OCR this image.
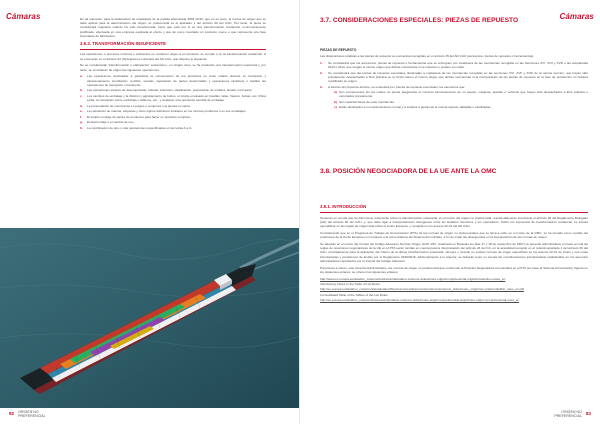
Cámaras	En tal supuesto, para la elaboración de estadística de la partida arancelaria 3002.19.90, que no es texto, la norma de origen que se debe aplicar para la determinación del origen no preferencial es el apartado 1 del artículo 60 del CAU. Por tanto, la pieza se considerará originaria cuando ha sido transformada, fuera que esta por si es una transformación sustancial, económicamente justificada, efectuada en una empresa equipada al efecto y que dé como resultado un producto nuevo o que represente una fase importante de fabricación.

3.6.3. TRANSFORMACIÓN INSUFICIENTE

Las operaciones o procesos mínimos o suficientes no confieren origen a un producto, se cumple o no la transformación sustancial, si se enumeran en el artículo 34 (Operaciones mínimas) del AD CAU, que dispone lo siguiente:

No se considerarán 'transformación o elaboración' sustancial o, en ningún caso, se ha producido una transformación sustancial y, por tanto, se consideran de origen las siguientes operaciones:

a. Las operaciones destinadas a garantizar la conservación de los productos en buen estado durante su transporte y almacenamiento (ventilación, tendido, secado, separación de partes deterioradas y operaciones similares) o facilitar las operaciones de transporte o transporte.
b. Las operaciones simples de desempolvado, cribado, selección, clasificación, preparación de surtidos, lavado o troceado.
c. Los cambios de embalaje y la división y agrupamiento de bultos, el simple envasado en botellas, latas, frascos, bolsas, etc. (Para evitar, la colocación sobre cartulinas o tableros, etc., y cualquier otra operación sencilla de embalaje.
d. La presentación de mercancías en juegos o conjuntos o la puesta en venta.
e. La colocación de marcas, etiquetas y otros signos distintivos similares en los mismos productos o en sus embalajes.
f. El simple montaje de partes de productos para hacer un producto completo.
g. El desmontaje o el cambio de uso.
h. La combinación de dos o más operaciones especificadas en las letras A a G.
82 ORIGEN NO
PREFERENCIAL
Cámaras
3.7. CONSIDERACIONES ESPECIALES: PIEZAS DE REPUESTO
PIEZAS DE REPUESTO

Las disposiciones relativas a las piezas de repuesto se encuentran recogidas en el artículo 35 del AD CAU (accesorios, piezas de repuesto o herramientas).

1. Se considerará que los accesorios, piezas de repuesto o herramientas que se entreguen con cualquiera de las mercancías recogidas en las Secciones XVI, XVII y XVIII o las subpartidas 9113 o 9113, que tengan el mismo origen que dichas mercancías si se importan y venden con ellas.
2. Se considerará que las piezas de repuesto esenciales destinadas a cualquiera de las mercancías recogidas en las secciones XVI, XVII y XVIII de la misma sección, que hayan sido previamente despachadas a libre práctica en la Unión tienen el mismo origen que dichas mercancías si la incorporación de las piezas de repuesto en la fase de producción no hubiera modificado su origen.
3. A efectos del presente artículo, se entenderá por 'piezas de repuesto esenciales' los elementos que:
a) Son componentes sin los cuales no puede asegurarse el correcto funcionamiento de un equipo, máquina, aparato o vehículo que hayan sido despachados a libre práctica o exportados previamente.
b) Son características de esas mercancías.
c) Están destinados a su mantenimiento normal y a sustituir a piezas de la misma especie dañadas o inutilizadas.
3.8. POSICIÓN NEGOCIADORA DE LA UE ANTE LA OMC
3.8.1. INTRODUCCIÓN

Teniendo en cuenta que la Unión tiene reticencias sobre la transformación sustancial, en el marco del origen no preferencial, resulta altamente importante el artículo 26 del Reglamento Delegado (AD) del artículo 60 del CAU, y, que debe ligar a interpretaciones divergentes entre los Estados miembros y los operadores. Sobre los supuestos de transformación sustancial, se intenta ejemplificar en las reglas de origen lista sobre la Unión Europea, y recogida en los anexos 22-01 del AD CAU.

Considerando que en el Programa de Trabajo de Armonización (PTA) de las normas de origen no preferenciales que se lleva a cabo en el marco de la OMC, se ha tomado como modelo las posiciones de la Unión Europea con respecto a la nomenclatura del Sistema Armonizado, a fin de evitar las divergencias en la interpretación de las normas de origen.

Se adoptan en el marco del Comité del Código Aduanero Normas Origen (CAP 1/97, celebrado en Bruselas los días 17 y 18 de noviembre de 1997) un acuerdo administrativo en base al cual las reglas de posiciones negociadoras de la UE en el PTA serán tenidas en cuenta para la interpretación del artículo 24 del CA, en la actualidad recogido en el referido apartado 1 del artículo 60 del CAU, principalmente para la aplicación del criterio de la última transformación sustancial, siempre y cuando no existan normas de origen específicas en los anexos 22-01 de Unión y sus notas introductorias y precisiones de ámbito por el Reglamento 2446/2015. Adicionalmente a lo anterior, se deberán tener en cuenta las consideraciones interpretativas establecidas en los acuerdos administrativos aprobados por el Comité del Código Aduanero.

Para llevar a efecto, este Acuerdo Administrativo, las normas de origen no preferencial que conforman la Posición Negociadora Comunitaria en el PTA (en base al Sistema Armonizado), figuran en los siguientes enlaces, se ofrecen los siguientes enlaces:

http://www.ec.europa.eu/taxation_customs/business/calculation-customs-duties/rules-origin/nonpreferential-origin/introduction-notes_en

Introductory Notes to the Table of List Rules

http://ec.europa.eu/taxation_customs/sites/taxation/files/resources/documents/customs/customs_duties/rules_origin/non-preferential/list_rules_en.pdf

Consolidated Table of the Tables of the List Rules

http://ec.europa.eu/taxation_customs/business/calculation-customs-duties/rules-origin/nonpreferential-origin/rules-origin-non-preferential-rules_en

ORIGEN NO
PREFERENCIAL 83
